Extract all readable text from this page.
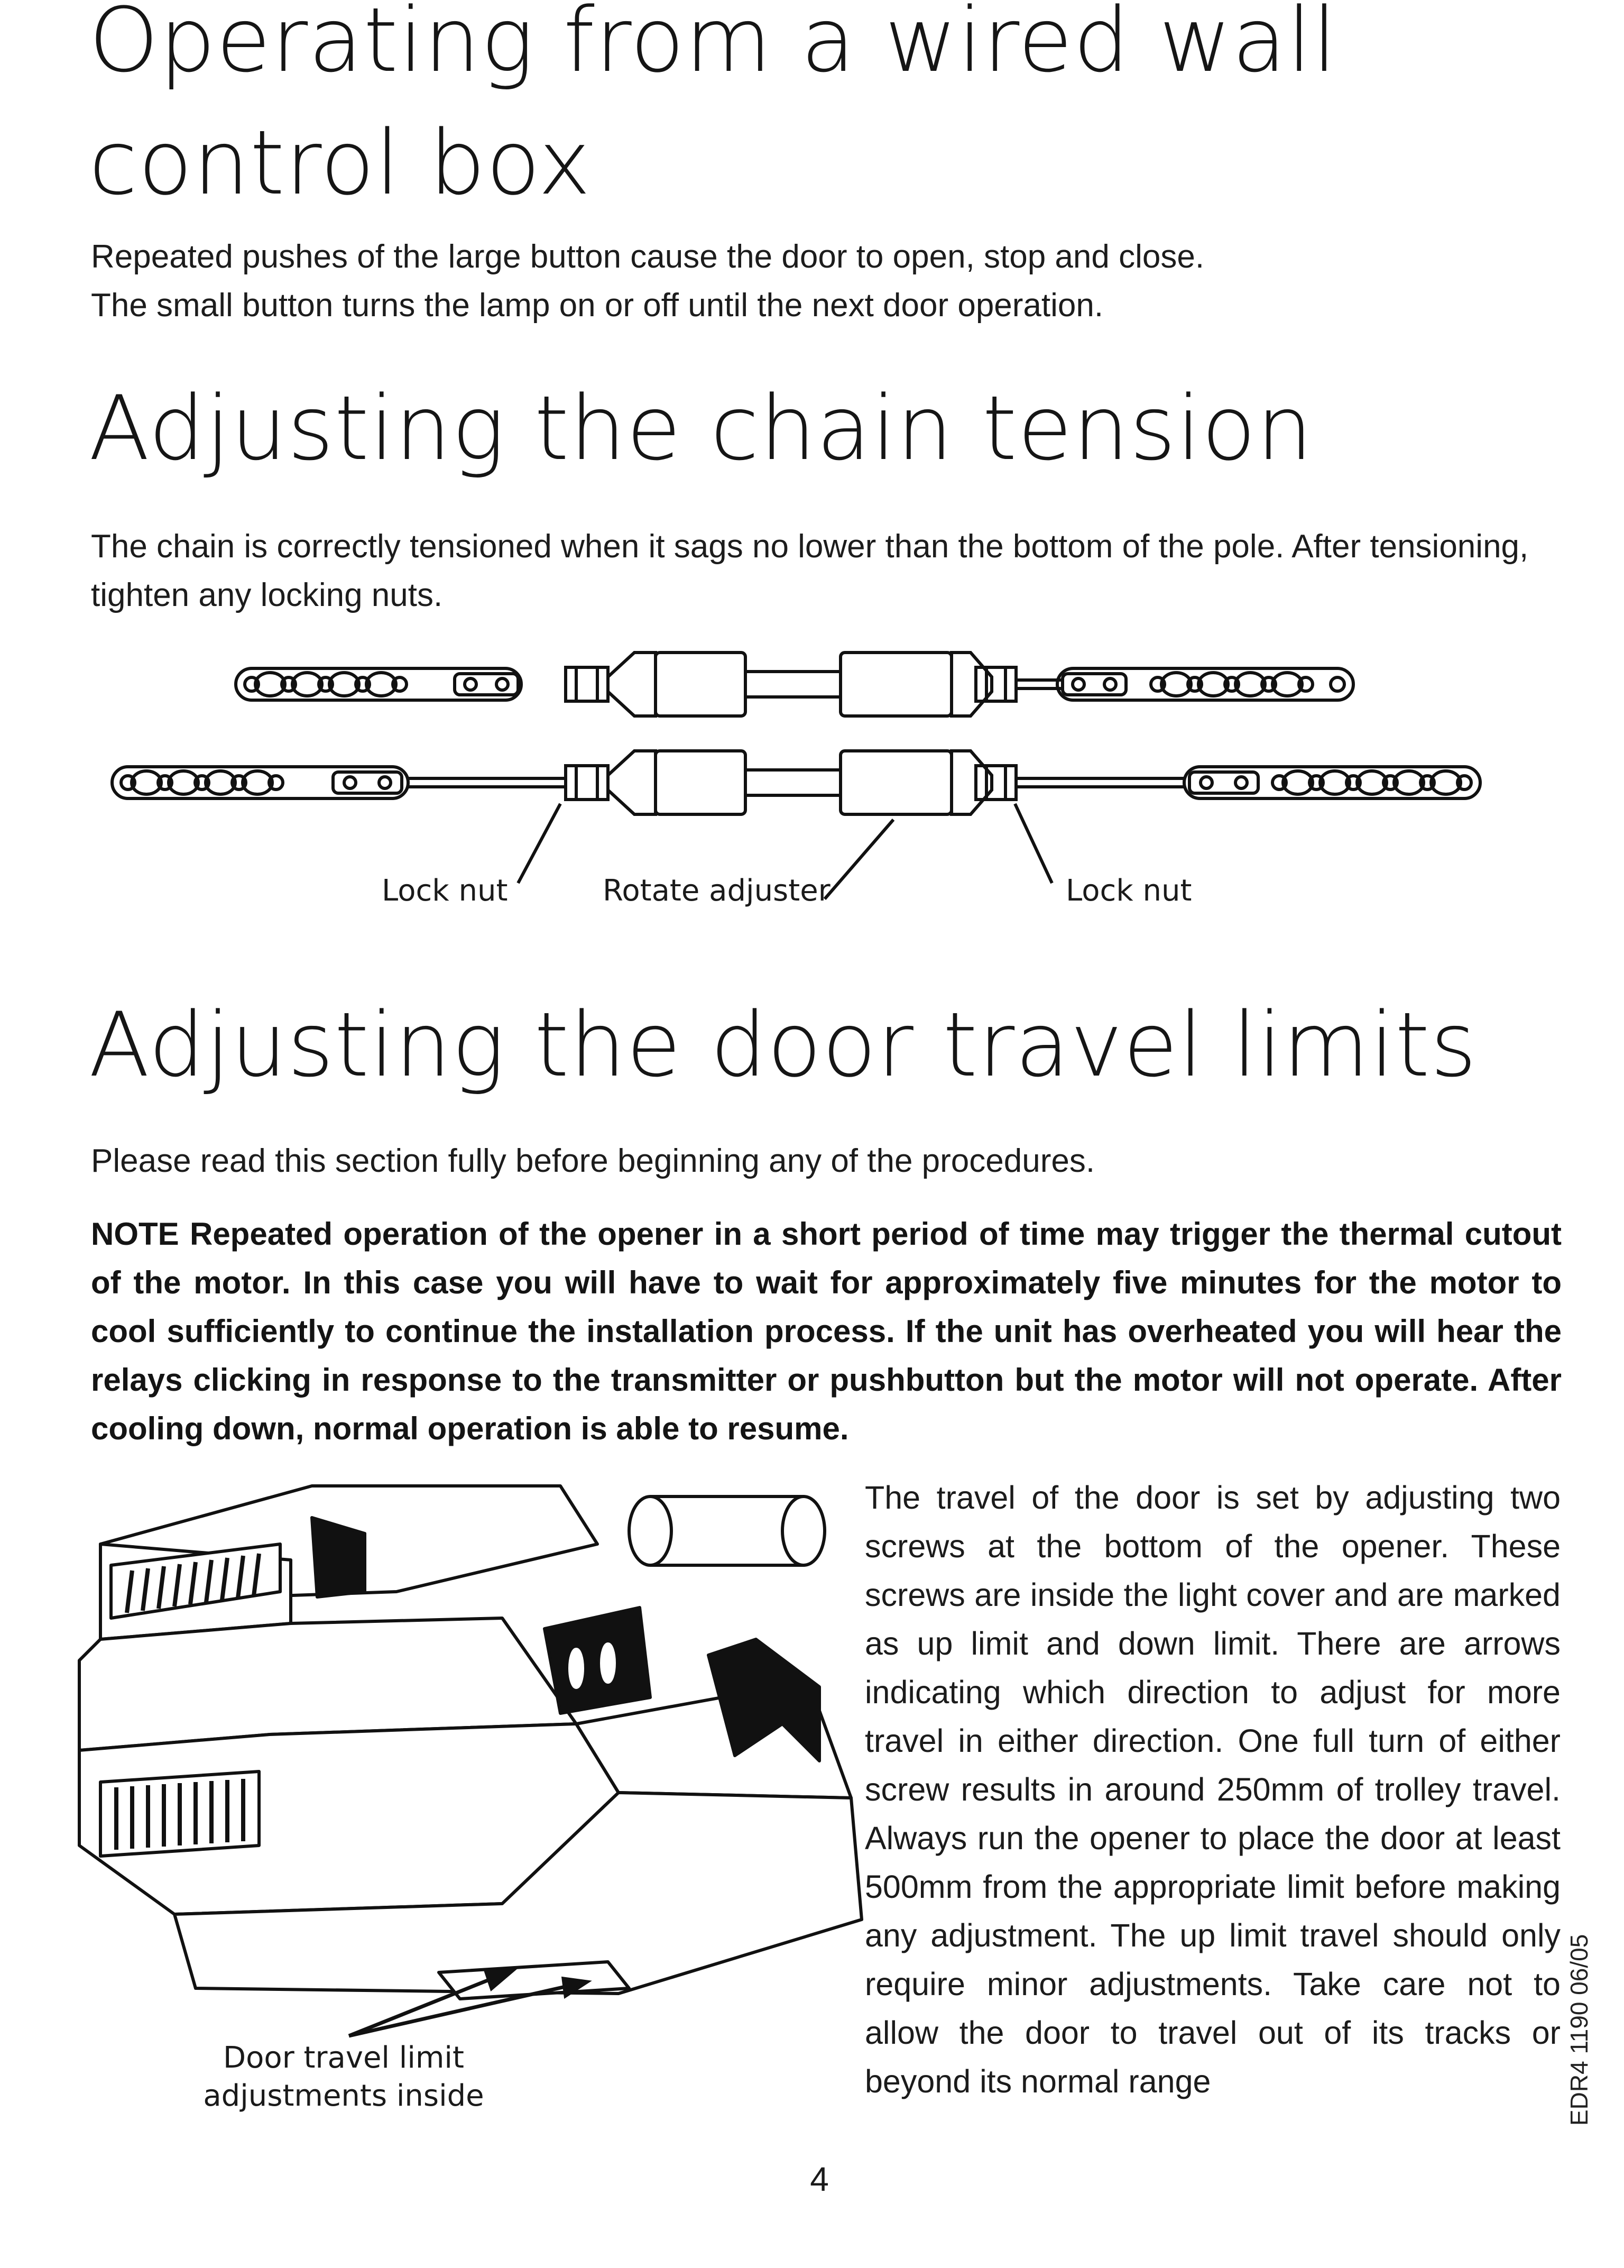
Operating from a wired wall
control box
Repeated pushes of the large button cause the door to open, stop and close.
The small button turns the lamp on or off until the next door operation.
Adjusting the chain tension
The chain is correctly tensioned when it sags no lower than the bottom of the pole. After tensioning,
tighten any locking nuts.
Lock nut	Rotate adjuster	Lock nut
Adjusting the door travel limits
Please read this section fully before beginning any of the procedures.
NOTE Repeated operation of the opener in a short period of time may trigger the thermal cutout of the motor. In this case you will have to wait for approximately five minutes for the motor to cool sufficiently to continue the installation process. If the unit has overheated you will hear the relays clicking in response to the transmitter or pushbutton but the motor will not operate. After cooling down, normal operation is able to resume.
Door travel limit
adjustments inside
The travel of the door is set by adjusting two screws at the bottom of the opener. These screws are inside the light cover and are marked as up limit and down limit. There are arrows indicating which direction to adjust for more travel in either direction. One full turn of either screw results in around 250mm of trolley travel. Always run the opener to place the door at least 500mm from the appropriate limit before making any adjustment. The up limit travel should only require minor adjustments. Take care not to allow the door to travel out of its tracks or beyond its normal range	EDR4 1190 06/05
4
